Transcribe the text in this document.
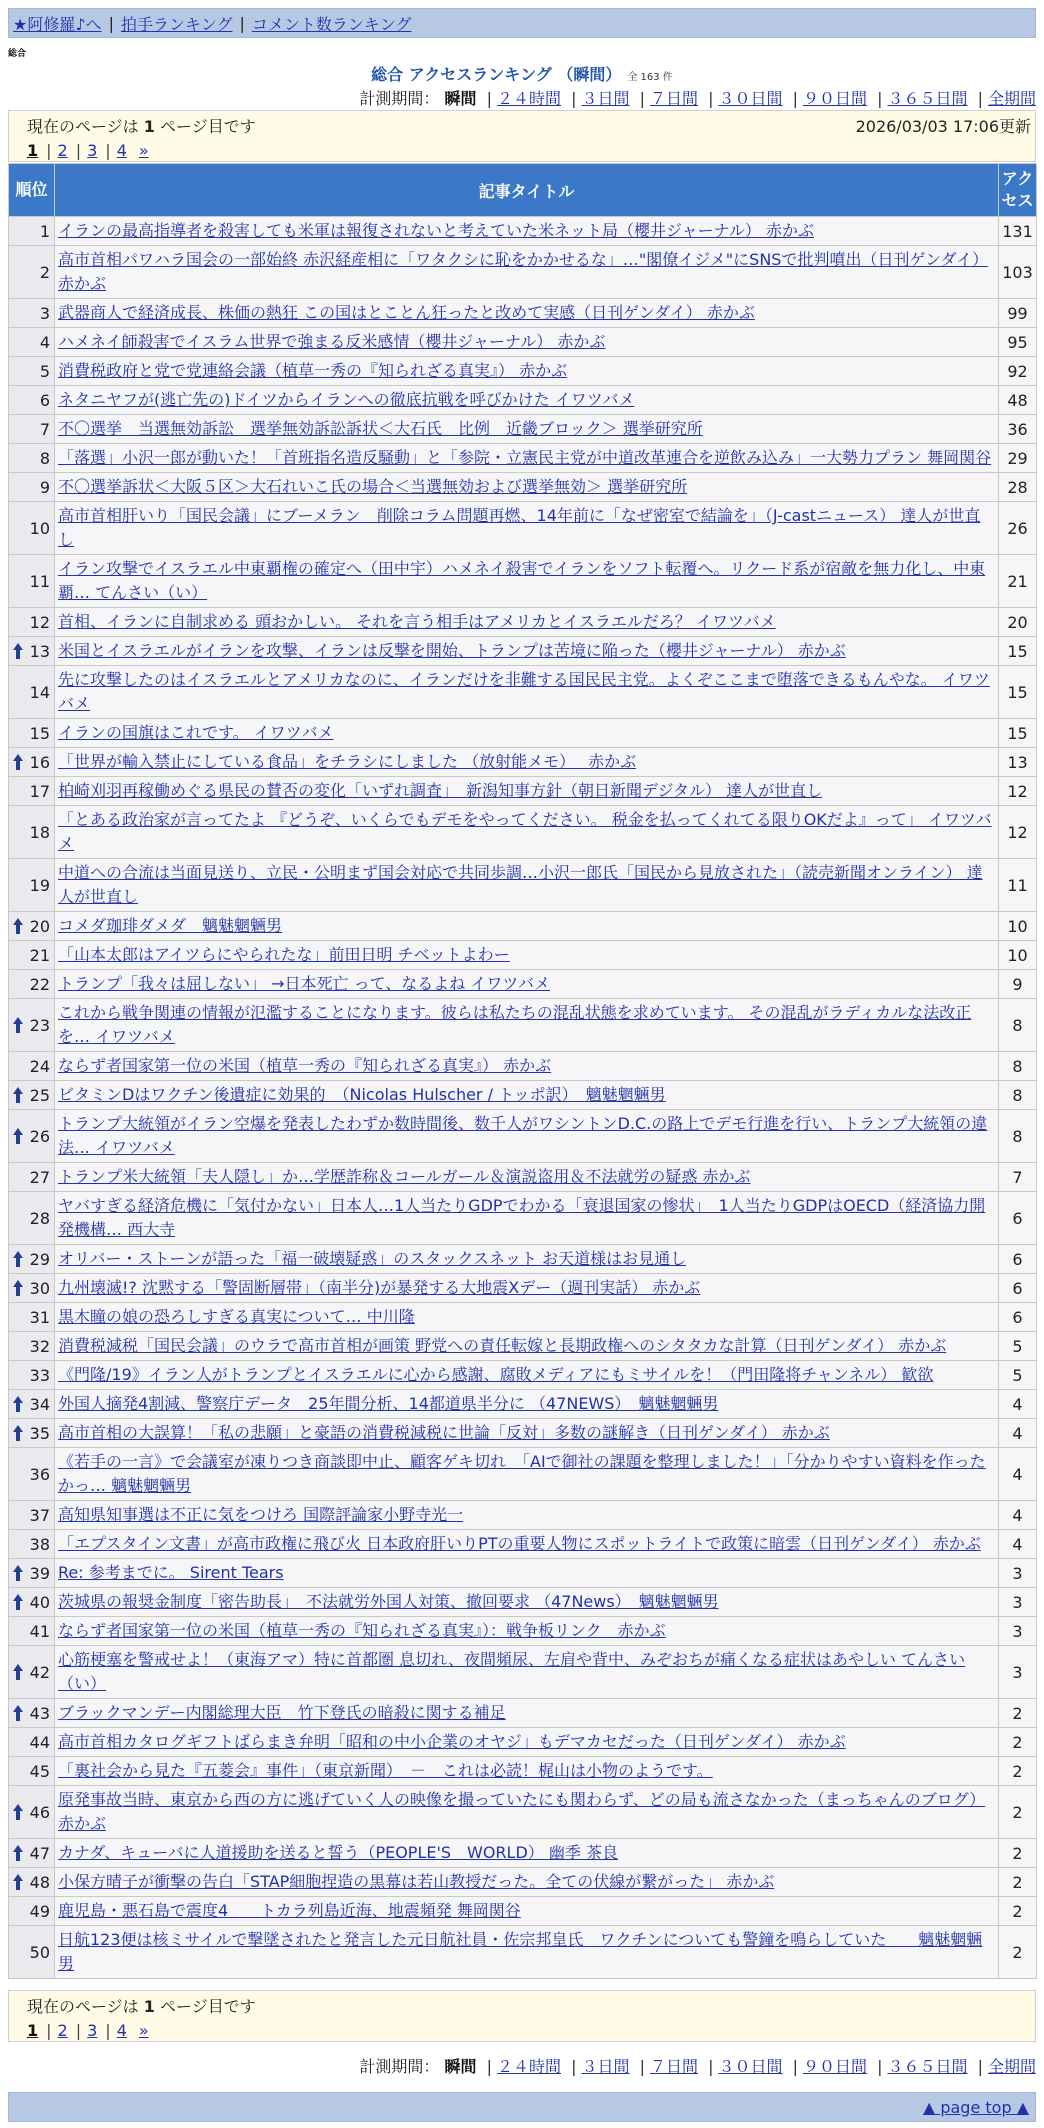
★阿修羅♪へ | 拍手ランキング | コメント数ランキング
総合
総合 アクセスランキング （瞬間） 全 163 件
計測期間： 瞬間 | ２４時間 | ３日間 | ７日間 | ３０日間 | ９０日間 | ３６５日間 | 全期間
現在のページは 1 ページ目です	2026/03/03 17:06更新
1 | 2 | 3 | 4 »
順位	記事タイトル	アクセス

1	イランの最高指導者を殺害しても米軍は報復されないと考えていた米ネット局（櫻井ジャーナル） 赤かぶ	131
2	高市首相パワハラ国会の一部始終 赤沢経産相に「ワタクシに恥をかかせるな」…"閣僚イジメ"にSNSで批判噴出（日刊ゲンダイ） 赤かぶ	103
3	武器商人で経済成長、株価の熱狂 この国はとことん狂ったと改めて実感（日刊ゲンダイ） 赤かぶ	99
4	ハメネイ師殺害でイスラム世界で強まる反米感情（櫻井ジャーナル） 赤かぶ	95
5	消費税政府と党で党連絡会議（植草一秀の『知られざる真実』） 赤かぶ	92
6	ネタニヤフが(逃亡先の)ドイツからイランへの徹底抗戦を呼びかけた イワツバメ	48
7	不〇選挙　当選無効訴訟　選挙無効訴訟訴状＜大石氏　比例　近畿ブロック＞ 選挙研究所	36
8	「落選」小沢一郎が動いた！「首班指名造反騒動」と「参院・立憲民主党が中道改革連合を逆飲み込み」一大勢力プラン 舞岡関谷	29
9	不〇選挙訴状＜大阪５区＞大石れいこ氏の場合＜当選無効および選挙無効＞ 選挙研究所	28
10	高市首相肝いり「国民会議」にブーメラン　削除コラム問題再燃、14年前に「なぜ密室で結論を」（J-castニュース） 達人が世直し	26
11	イラン攻撃でイスラエル中東覇権の確定へ（田中宇）ハメネイ殺害でイランをソフト転覆へ。リクード系が宿敵を無力化し、中東覇… てんさい（い）	21
12	首相、イランに自制求める 頭おかしい。 それを言う相手はアメリカとイスラエルだろ？ イワツバメ	20

13	米国とイスラエルがイランを攻撃、イランは反撃を開始、トランプは苦境に陥った（櫻井ジャーナル） 赤かぶ	15
14	先に攻撃したのはイスラエルとアメリカなのに、イランだけを非難する国民民主党。よくぞここまで堕落できるもんやな。 イワツバメ	15
15	イランの国旗はこれです。 イワツバメ	15

16	「世界が輸入禁止にしている食品」をチラシにしました （放射能メモ）　 赤かぶ	13
17	柏崎刈羽再稼働めぐる県民の賛否の変化「いずれ調査」　新潟知事方針（朝日新聞デジタル） 達人が世直し	12
18	「とある政治家が言ってたよ 『どうぞ、いくらでもデモをやってください。 税金を払ってくれてる限りOKだよ』って」 イワツバメ	12
19	中道への合流は当面見送り、立民・公明まず国会対応で共同歩調…小沢一郎氏「国民から見放された」（読売新聞オンライン） 達人が世直し	11

20	コメダ珈琲ダメダ　魑魅魍魎男	10
21	「山本太郎はアイツらにやられたな」前田日明 チベットよわー	10
22	トランプ「我々は屈しない」 →日本死亡 って、なるよね イワツバメ	9

23	これから戦争関連の情報が氾濫することになります。彼らは私たちの混乱状態を求めています。 その混乱がラディカルな法改正を… イワツバメ	8
24	ならず者国家第一位の米国（植草一秀の『知られざる真実』） 赤かぶ	8

25	ビタミンDはワクチン後遺症に効果的　（Nicolas Hulscher / トッポ訳）　魑魅魍魎男	8

26	トランプ大統領がイラン空爆を発表したわずか数時間後、数千人がワシントンD.C.の路上でデモ行進を行い、トランプ大統領の違法… イワツバメ	8
27	トランプ米大統領「夫人隠し」か…学歴詐称＆コールガール＆演説盗用＆不法就労の疑惑 赤かぶ	7
28	ヤバすぎる経済危機に「気付かない」日本人…1人当たりGDPでわかる「衰退国家の惨状」　1人当たりGDPはOECD（経済協力開発機構… 西大寺	6

29	オリバー・ストーンが語った「福一破壊疑惑」のスタックスネット お天道様はお見通し	6

30	九州壊滅!? 沈黙する「警固断層帯」（南半分)が暴発する大地震Xデー（週刊実話） 赤かぶ	6
31	黒木瞳の娘の恐ろしすぎる真実について… 中川隆	6
32	消費税減税「国民会議」のウラで高市首相が画策 野党への責任転嫁と長期政権へのシタタカな計算（日刊ゲンダイ） 赤かぶ	5
33	《門隆/19》イラン人がトランプとイスラエルに心から感謝、腐敗メディアにもミサイルを！（門田隆将チャンネル） 歓欲	5

34	外国人摘発4割減、警察庁データ　25年間分析、14都道県半分に （47NEWS）　魑魅魍魎男	4

35	高市首相の大誤算！「私の悲願」と豪語の消費税減税に世論「反対」多数の謎解き（日刊ゲンダイ） 赤かぶ	4
36	《若手の一言》で会議室が凍りつき商談即中止、顧客ゲキ切れ　「AIで御社の課題を整理しました！」｢分かりやすい資料を作ったかっ… 魑魅魍魎男	4
37	高知県知事選は不正に気をつけろ 国際評論家小野寺光一	4
38	「エプスタイン文書」が高市政権に飛び火 日本政府肝いりPTの重要人物にスポットライトで政策に暗雲（日刊ゲンダイ） 赤かぶ	4

39	Re: 参考までに。 Sirent Tears	3

40	茨城県の報奨金制度「密告助長」　不法就労外国人対策、撤回要求 （47News）　魑魅魍魎男	3
41	ならず者国家第一位の米国（植草一秀の『知られざる真実』）：戦争板リンク　赤かぶ	3

42	心筋梗塞を警戒せよ！（東海アマ）特に首都圏 息切れ、夜間頻尿、左肩や背中、みぞおちが痛くなる症状はあやしい てんさい（い）	3

43	ブラックマンデー内閣総理大臣　竹下登氏の暗殺に関する補足	2
44	高市首相カタログギフトばらまき弁明「昭和の中小企業のオヤジ」もデマカセだった（日刊ゲンダイ） 赤かぶ	2
45	「裏社会から見た『五菱会』事件」（東京新聞）　－　これは必読！梶山は小物のようです。	2

46	原発事故当時、東京から西の方に逃げていく人の映像を撮っていたにも関わらず、どの局も流さなかった（まっちゃんのブログ） 赤かぶ	2

47	カナダ、キューバに人道援助を送ると誓う（PEOPLE'S　WORLD） 幽季 茶良	2

48	小保方晴子が衝撃の告白「STAP細胞捏造の黒幕は若山教授だった。全ての伏線が繋がった」 赤かぶ	2
49	鹿児島・悪石島で震度4　　トカラ列島近海、地震頻発 舞岡関谷	2
50	日航123便は核ミサイルで撃墜されたと発言した元日航社員・佐宗邦皇氏　ワクチンについても警鐘を鳴らしていた　　魑魅魍魎男	2
現在のページは 1 ページ目です
1 | 2 | 3 | 4 »
計測期間： 瞬間 | ２４時間 | ３日間 | ７日間 | ３０日間 | ９０日間 | ３６５日間 | 全期間
▲ page top ▲
